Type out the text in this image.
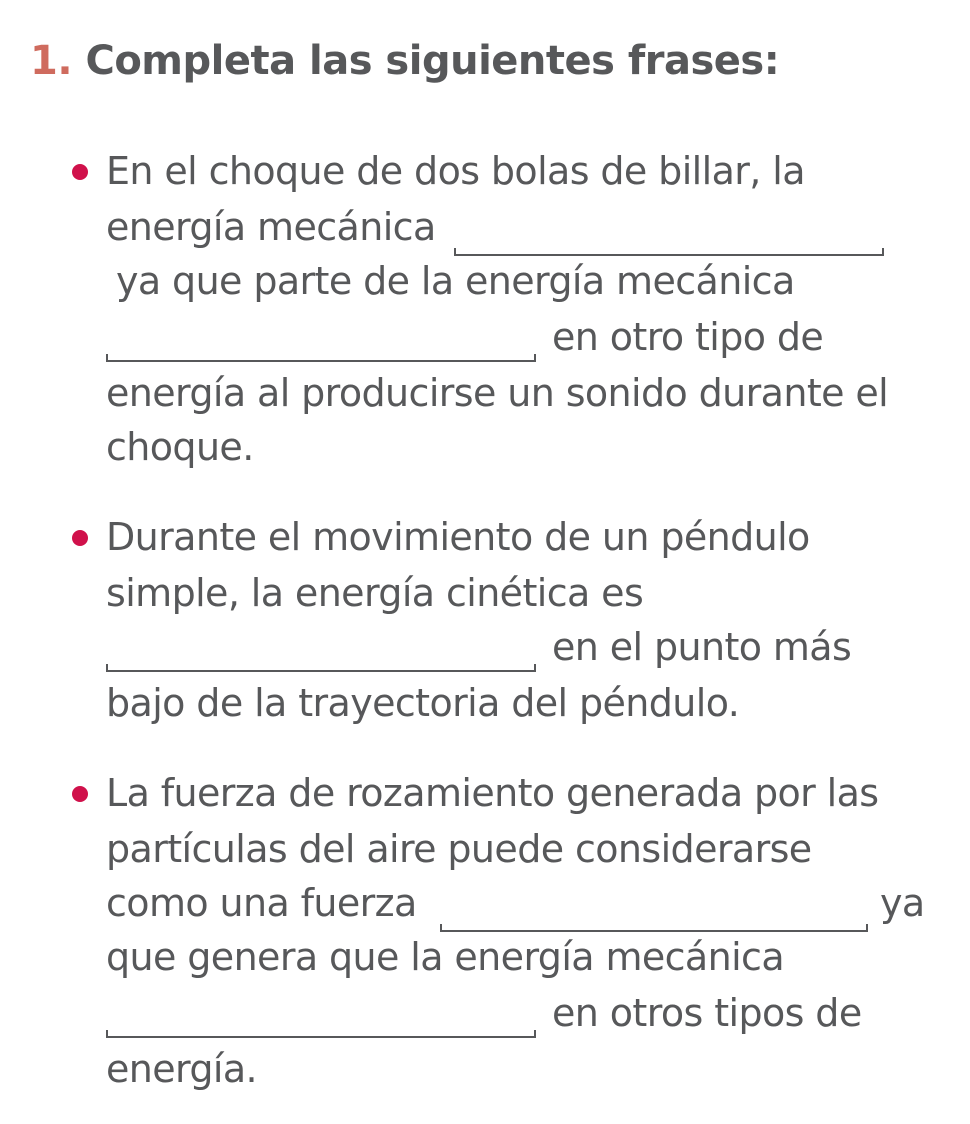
1. Completa las siguientes frases:
En el choque de dos bolas de billar, la
energía mecánica
ya que parte de la energía mecánica
en otro tipo de
energía al producirse un sonido durante el
choque.
Durante el movimiento de un péndulo
simple, la energía cinética es
en el punto más
bajo de la trayectoria del péndulo.
La fuerza de rozamiento generada por las
partículas del aire puede considerarse
como una fuerza	ya
que genera que la energía mecánica
en otros tipos de
energía.
